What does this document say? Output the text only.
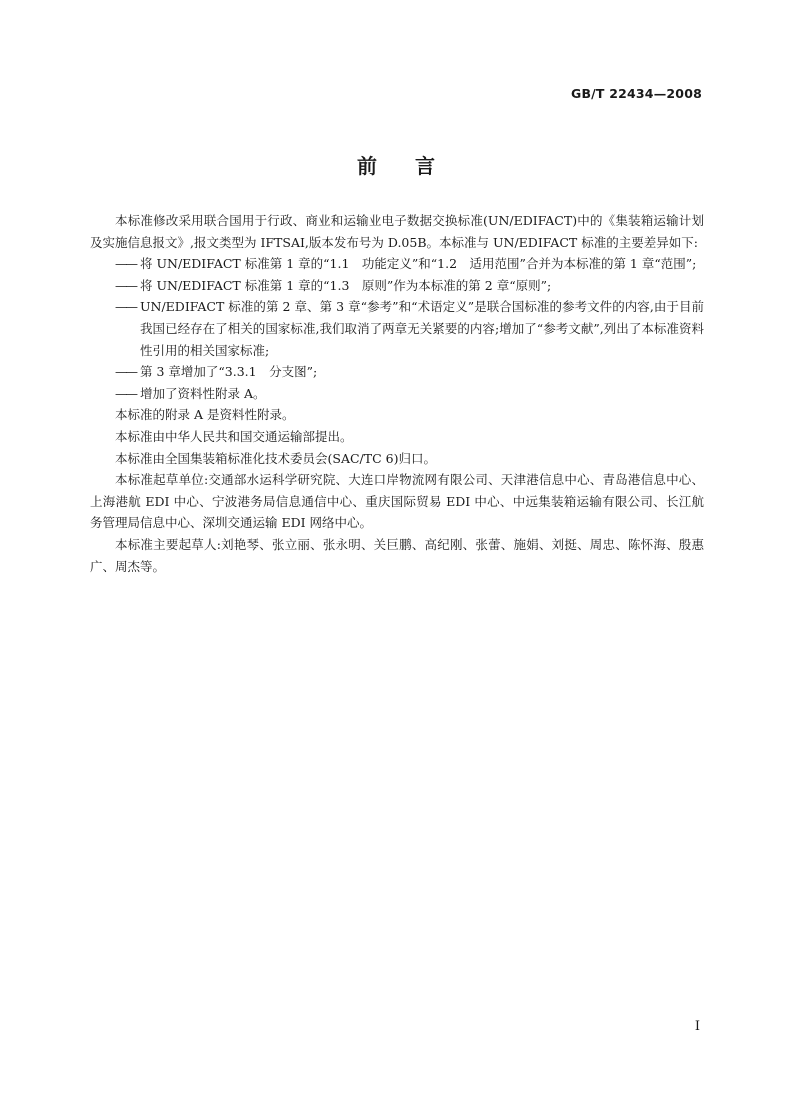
GB/T 22434—2008
前言

本标准修改采用联合国用于行政、商业和运输业电子数据交换标准(UN/EDIFACT)中的《集装箱运输计划及实施信息报文》,报文类型为 IFTSAI,版本发布号为 D.05B。本标准与 UN/EDIFACT 标准的主要差异如下:

—— 将 UN/EDIFACT 标准第 1 章的“1.1　功能定义”和“1.2　适用范围”合并为本标准的第 1 章“范围”;

—— 将 UN/EDIFACT 标准第 1 章的“1.3　原则”作为本标准的第 2 章“原则”;

—— UN/EDIFACT 标准的第 2 章、第 3 章“参考”和“术语定义”是联合国标准的参考文件的内容,由于目前我国已经存在了相关的国家标准,我们取消了两章无关紧要的内容;增加了“参考文献”,列出了本标准资料性引用的相关国家标准;

—— 第 3 章增加了“3.3.1　分支图”;

—— 增加了资料性附录 A。

本标准的附录 A 是资料性附录。

本标准由中华人民共和国交通运输部提出。

本标准由全国集装箱标准化技术委员会(SAC/TC 6)归口。

本标准起草单位:交通部水运科学研究院、大连口岸物流网有限公司、天津港信息中心、青岛港信息中心、上海港航 EDI 中心、宁波港务局信息通信中心、重庆国际贸易 EDI 中心、中远集装箱运输有限公司、长江航务管理局信息中心、深圳交通运输 EDI 网络中心。

本标准主要起草人:刘艳琴、张立丽、张永明、关巨鹏、高纪刚、张蕾、施娟、刘挺、周忠、陈怀海、殷惠广、周杰等。

I
